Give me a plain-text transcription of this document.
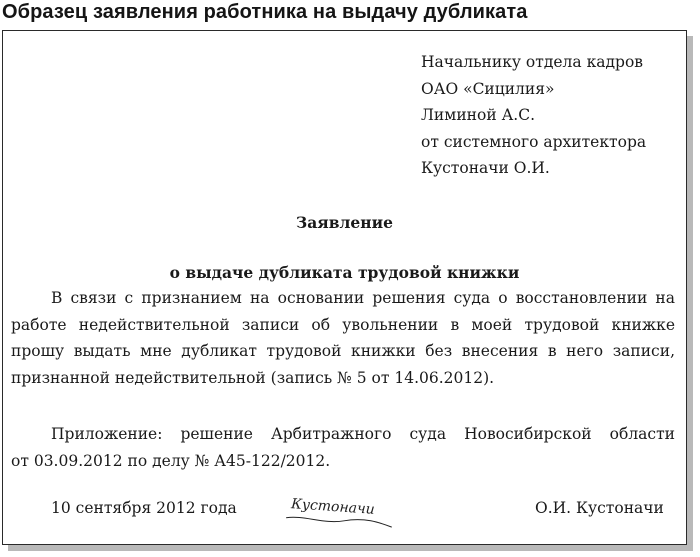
Образец заявления работника на выдачу дубликата
Начальнику отдела кадров
ОАО «Сицилия»
Лиминой А.С.
от системного архитектора
Кустоначи О.И.
Заявление
о выдаче дубликата трудовой книжки
В связи с признанием на основании решения суда о восстановлении на
работе недействительной записи об увольнении в моей трудовой книжке
прошу выдать мне дубликат трудовой книжки без внесения в него записи,
признанной недействительной (запись № 5 от 14.06.2012).
Приложение: решение Арбитражного суда Новосибирской области
от 03.09.2012 по делу № А45-122/2012.
10 сентября 2012 года	Кустоначи	О.И. Кустоначи
